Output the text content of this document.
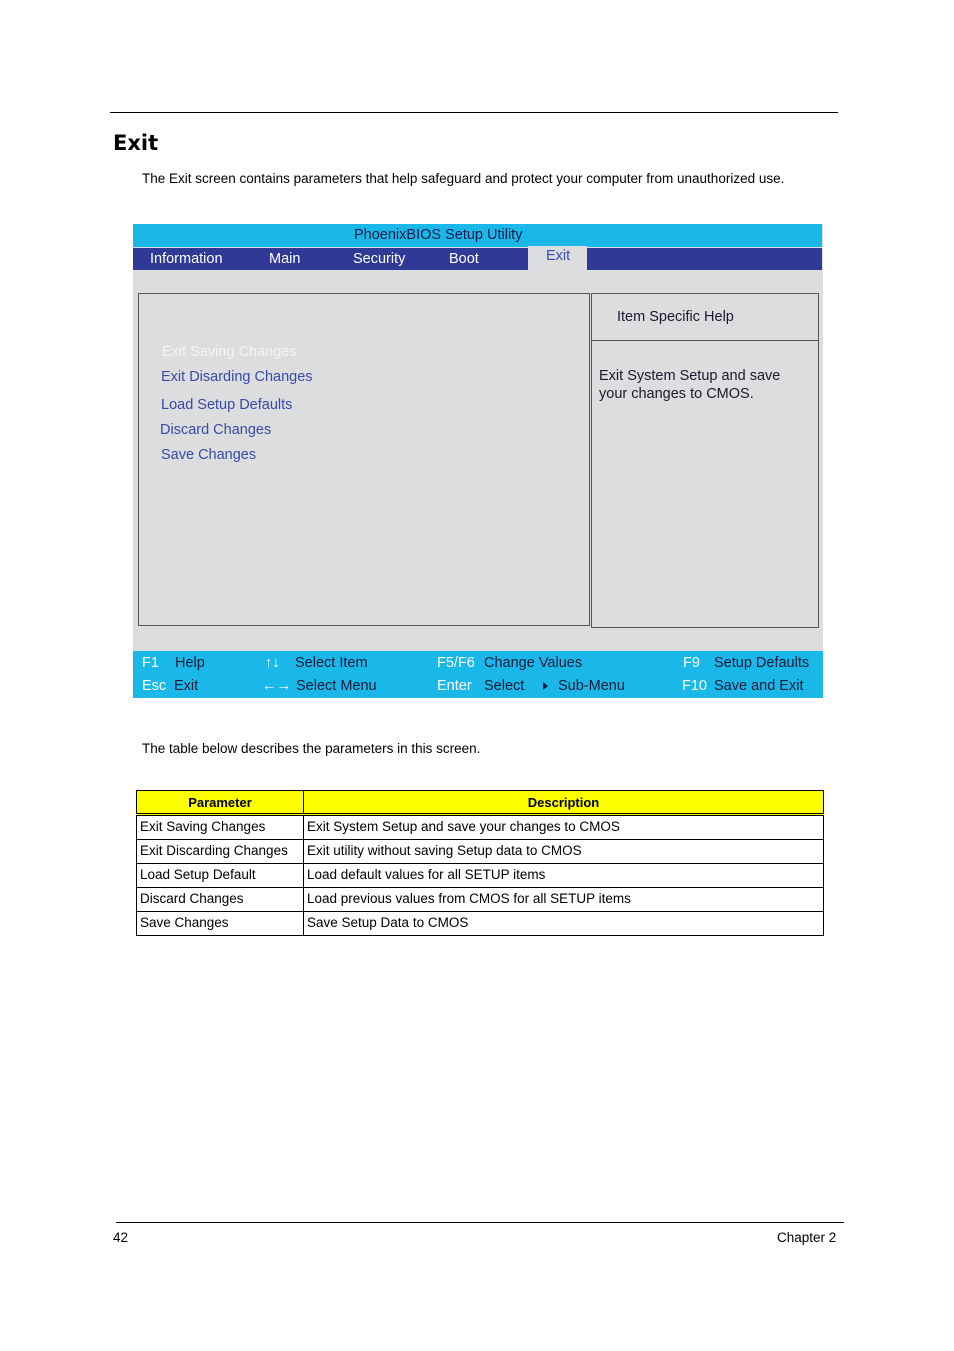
Exit

The Exit screen contains parameters that help safeguard and protect your computer from unauthorized use.

PhoenixBIOS Setup Utility
Information	Main	Security	Boot	Exit
Exit Saving Changes
Exit Disarding Changes
Load Setup Defaults
Discard Changes
Save Changes
Item Specific Help
Exit System Setup and save your changes to CMOS.
F1 Help	↑↓ Select Item	F5/F6 Change Values	F9 Setup Defaults
Esc Exit	←→ Select Menu	Enter Select Sub-Menu	F10 Save and Exit

The table below describes the parameters in this screen.

Parameter	Description
Exit Saving Changes	Exit System Setup and save your changes to CMOS
Exit Discarding Changes	Exit utility without saving Setup data to CMOS
Load Setup Default	Load default values for all SETUP items
Discard Changes	Load previous values from CMOS for all SETUP items
Save Changes	Save Setup Data to CMOS
42	Chapter 2
